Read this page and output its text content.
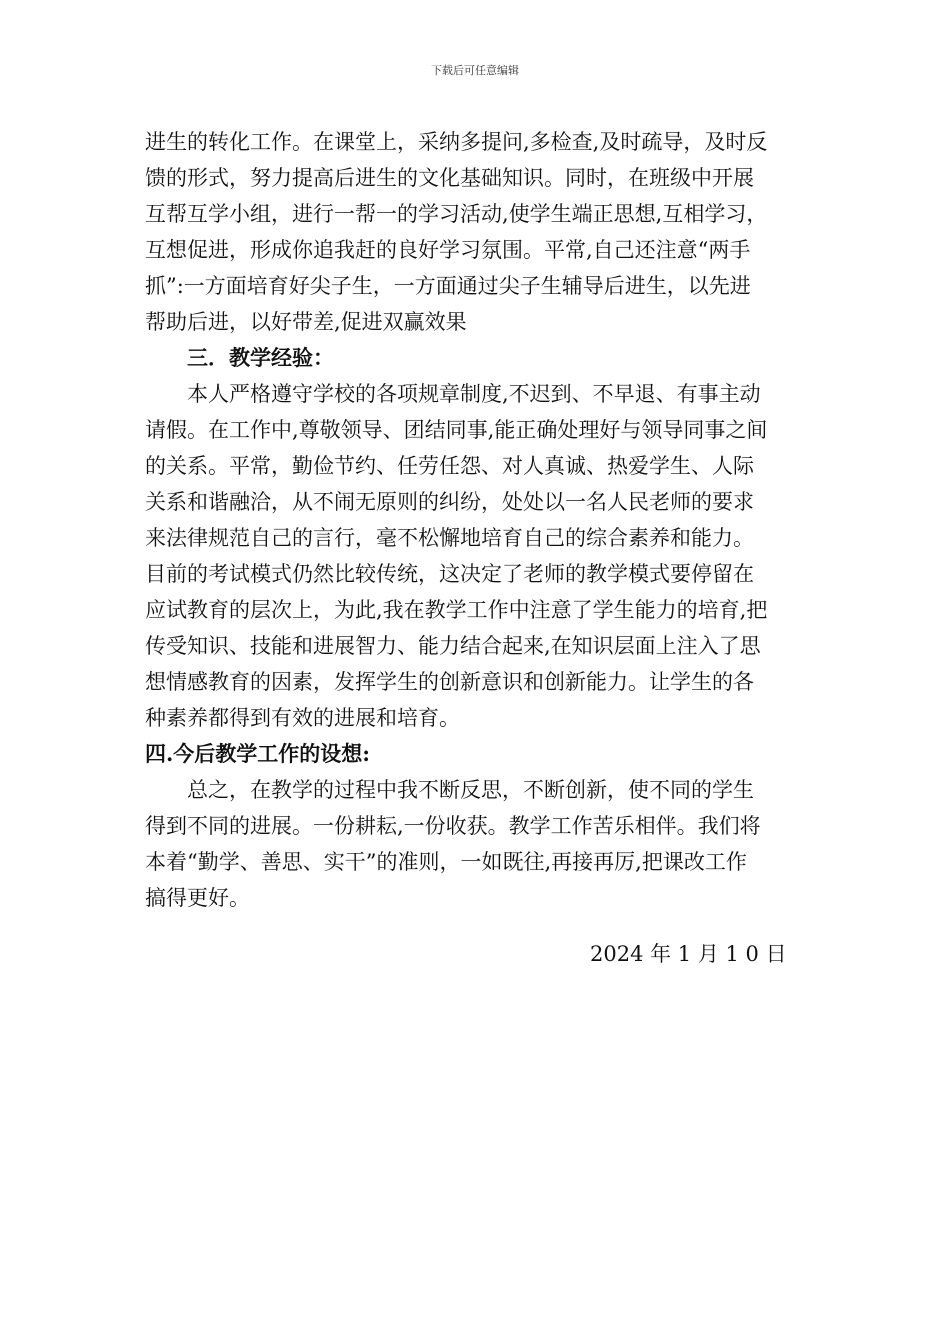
下载后可任意编辑
进生的转化工作。在课堂上，采纳多提问,多检查,及时疏导，及时反
馈的形式，努力提高后进生的文化基础知识。同时，在班级中开展
互帮互学小组，进行一帮一的学习活动,使学生端正思想,互相学习，
互想促进，形成你追我赶的良好学习氛围。平常,自己还注意“两手
抓”:一方面培育好尖子生，一方面通过尖子生辅导后进生，以先进
帮助后进，以好带差,促进双赢效果
三．教学经验：
本人严格遵守学校的各项规章制度,不迟到、不早退、有事主动
请假。在工作中,尊敬领导、团结同事,能正确处理好与领导同事之间
的关系。平常，勤俭节约、任劳任怨、对人真诚、热爱学生、人际
关系和谐融洽，从不闹无原则的纠纷，处处以一名人民老师的要求
来法律规范自己的言行，毫不松懈地培育自己的综合素养和能力。
目前的考试模式仍然比较传统，这决定了老师的教学模式要停留在
应试教育的层次上，为此,我在教学工作中注意了学生能力的培育,把
传受知识、技能和进展智力、能力结合起来,在知识层面上注入了思
想情感教育的因素，发挥学生的创新意识和创新能力。让学生的各
种素养都得到有效的进展和培育。
四.今后教学工作的设想:
总之，在教学的过程中我不断反思，不断创新，使不同的学生
得到不同的进展。一份耕耘,一份收获。教学工作苦乐相伴。我们将
本着“勤学、善思、实干”的准则，一如既往,再接再厉,把课改工作
搞得更好。
2024 年 1 月 1 0 日
